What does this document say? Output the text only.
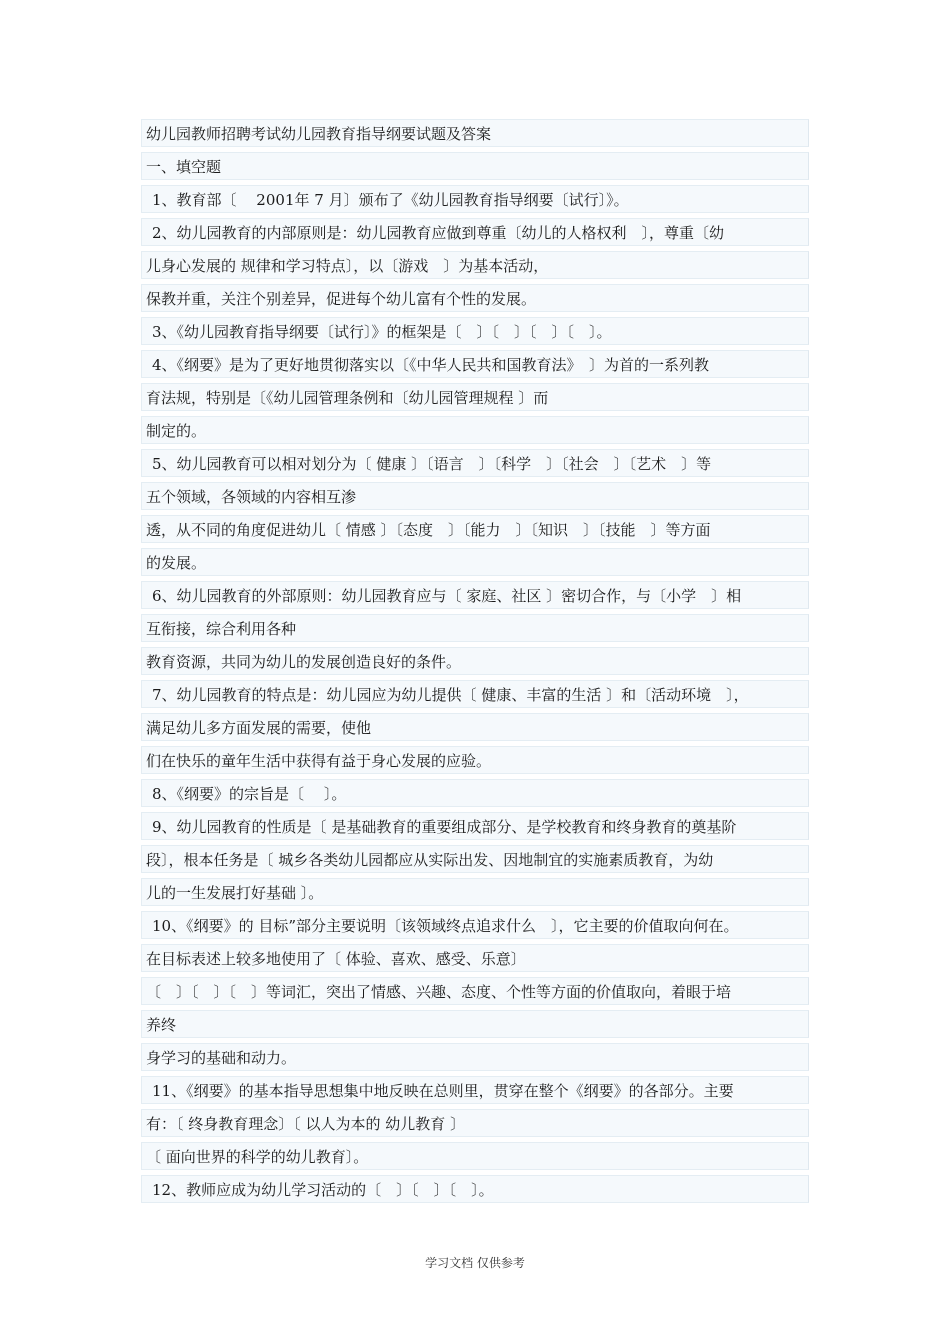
幼儿园教师招聘考试幼儿园教育指导纲要试题及答案
一、填空题
1、教育部〔　 2001年 7 月〕颁布了《幼儿园教育指导纲要〔试行〕》。
2、幼儿园教育的内部原则是：幼儿园教育应做到尊重〔幼儿的人格权利　〕，尊重〔幼
儿身心发展的 规律和学习特点〕，以〔游戏　〕为基本活动，
保教并重，关注个别差异，促进每个幼儿富有个性的发展。
3、《幼儿园教育指导纲要〔试行〕》的框架是〔　〕〔　〕〔　〕〔　〕。
4、《纲要》是为了更好地贯彻落实以〔《中华人民共和国教育法》　〕为首的一系列教
育法规，特别是〔《幼儿园管理条例和〔幼儿园管理规程 〕而
制定的。
5、幼儿园教育可以相对划分为〔 健康 〕〔语言　〕〔科学　〕〔社会　〕〔艺术　〕等
五个领域，各领域的内容相互渗
透，从不同的角度促进幼儿〔 情感 〕〔态度　〕〔能力　〕〔知识　〕〔技能　〕等方面
的发展。
6、幼儿园教育的外部原则：幼儿园教育应与〔 家庭、社区 〕密切合作，与〔小学　〕相
互衔接，综合利用各种
教育资源，共同为幼儿的发展创造良好的条件。
7、幼儿园教育的特点是：幼儿园应为幼儿提供〔 健康、丰富的生活 〕和〔活动环境　〕，
满足幼儿多方面发展的需要，使他
们在快乐的童年生活中获得有益于身心发展的应验。
8、《纲要》的宗旨是〔　 〕。
9、幼儿园教育的性质是〔 是基础教育的重要组成部分、是学校教育和终身教育的奠基阶
段〕，根本任务是〔 城乡各类幼儿园都应从实际出发、因地制宜的实施素质教育，为幼
儿的一生发展打好基础 〕。
10、《纲要》的 目标”部分主要说明〔该领域终点追求什么　〕，它主要的价值取向何在。
在目标表述上较多地使用了〔 体验、喜欢、感受、乐意〕
〔　〕〔　〕〔　〕等词汇，突出了情感、兴趣、态度、个性等方面的价值取向，着眼于培
养终
身学习的基础和动力。
11、《纲要》的基本指导思想集中地反映在总则里，贯穿在整个《纲要》的各部分。主要
有：〔 终身教育理念〕〔 以人为本的 幼儿教育 〕
〔 面向世界的科学的幼儿教育〕。
12、教师应成为幼儿学习活动的〔　〕〔　〕〔　〕。
学习文档 仅供参考
